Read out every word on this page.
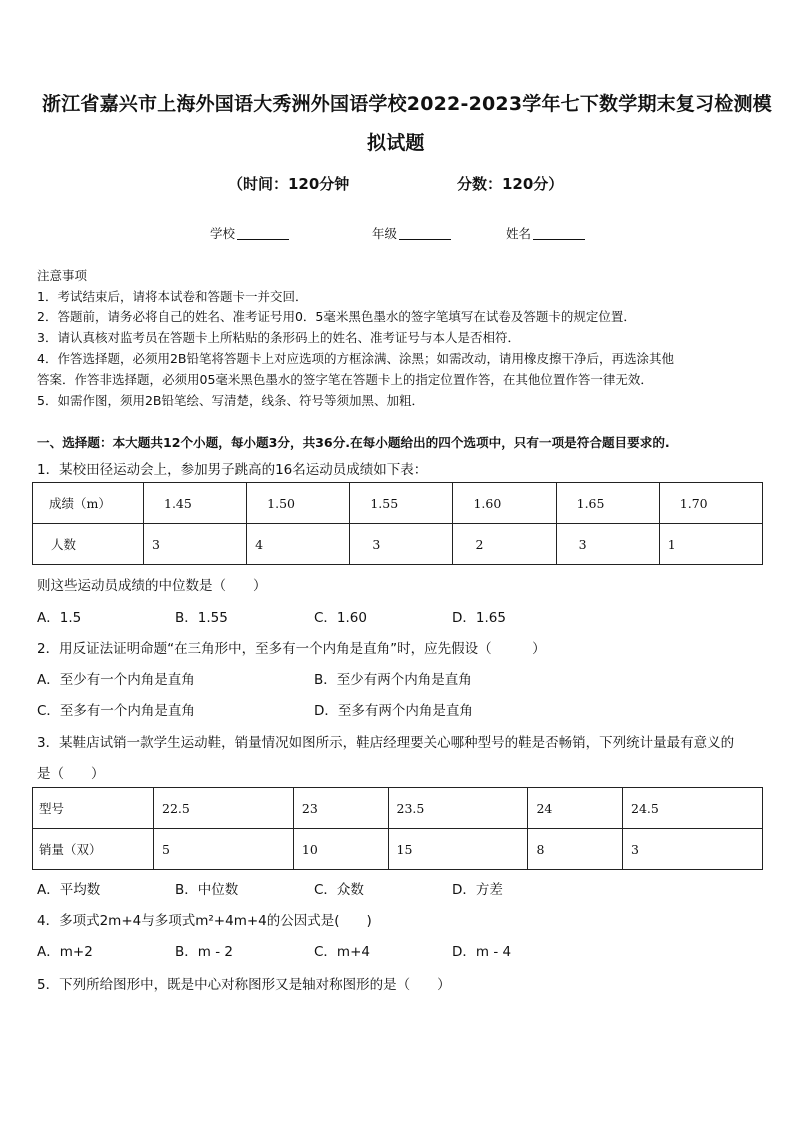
浙江省嘉兴市上海外国语大秀洲外国语学校2022-2023学年七下数学期末复习检测模
拟试题
（时间：120分钟	分数：120分）
学校	年级	姓名
注意事项
1．考试结束后，请将本试卷和答题卡一并交回．
2．答题前，请务必将自己的姓名、准考证号用0．5毫米黑色墨水的签字笔填写在试卷及答题卡的规定位置．
3．请认真核对监考员在答题卡上所粘贴的条形码上的姓名、准考证号与本人是否相符．
4．作答选择题，必须用2B铅笔将答题卡上对应选项的方框涂满、涂黑；如需改动，请用橡皮擦干净后，再选涂其他
答案．作答非选择题，必须用05毫米黑色墨水的签字笔在答题卡上的指定位置作答，在其他位置作答一律无效．
5．如需作图，须用2B铅笔绘、写清楚，线条、符号等须加黑、加粗．
一、选择题：本大题共12个小题，每小题3分，共36分.在每小题给出的四个选项中，只有一项是符合题目要求的.
1．某校田径运动会上，参加男子跳高的16名运动员成绩如下表：
成绩（m）	1.45	1.50	1.55	1.60	1.65	1.70
人数	3	4	3	2	3	1
则这些运动员成绩的中位数是（　　）
A．1.5	B．1.55	C．1.60	D．1.65
2．用反证法证明命题“在三角形中，至多有一个内角是直角”时，应先假设（　　　）
A．至少有一个内角是直角	B．至少有两个内角是直角
C．至多有一个内角是直角	D．至多有两个内角是直角
3．某鞋店试销一款学生运动鞋，销量情况如图所示，鞋店经理要关心哪种型号的鞋是否畅销，下列统计量最有意义的
是（　　）
型号	22.5	23	23.5	24	24.5
销量（双）	5	10	15	8	3
A．平均数	B．中位数	C．众数	D．方差
4．多项式2m+4与多项式m²+4m+4的公因式是(　　)
A．m+2	B．m - 2	C．m+4	D．m - 4
5．下列所给图形中，既是中心对称图形又是轴对称图形的是（　　）
